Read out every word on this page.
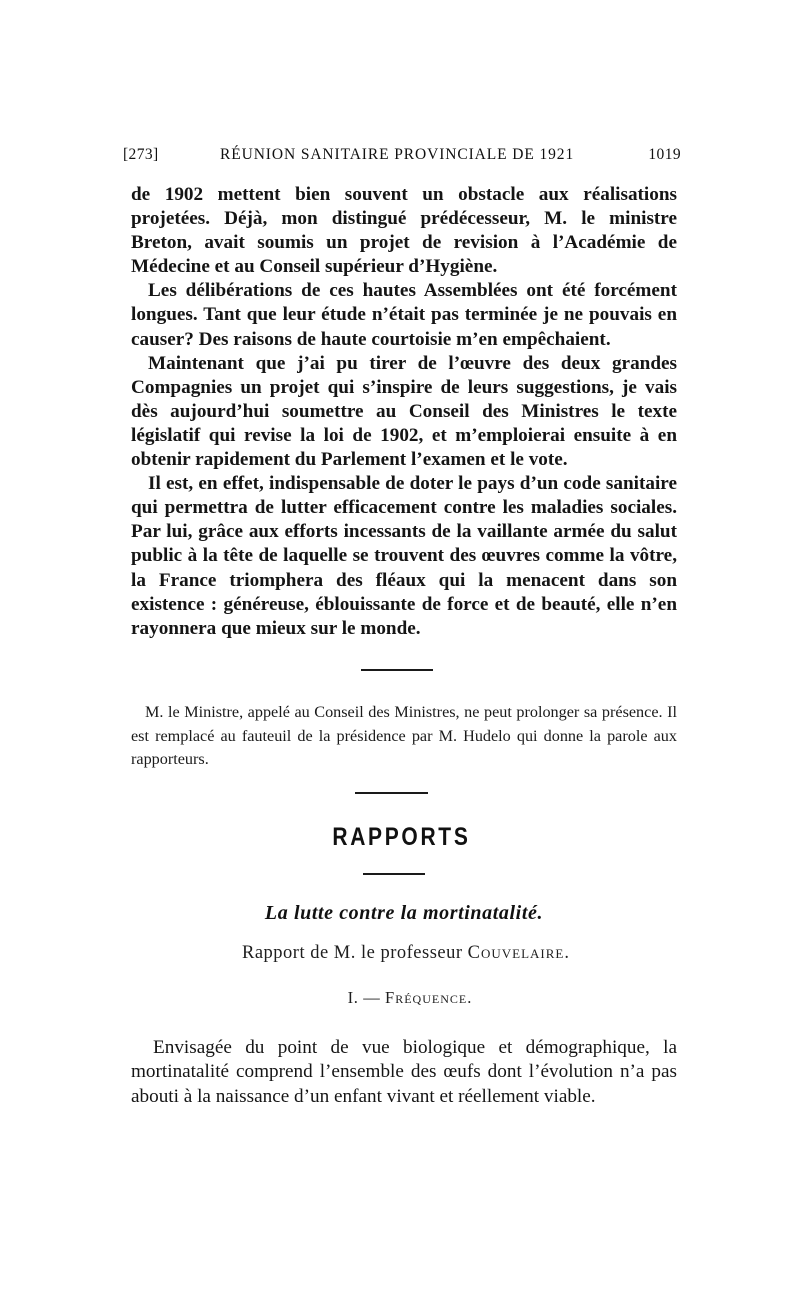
[273]	RÉUNION SANITAIRE PROVINCIALE DE 1921	1019

de 1902 mettent bien souvent un obstacle aux réalisations projetées. Déjà, mon distingué prédécesseur, M. le ministre Breton, avait soumis un projet de revision à l’Académie de Médecine et au Conseil supérieur d’Hygiène.

Les délibérations de ces hautes Assemblées ont été forcément longues. Tant que leur étude n’était pas terminée je ne pouvais en causer? Des raisons de haute courtoisie m’en empêchaient.

Maintenant que j’ai pu tirer de l’œuvre des deux grandes Compagnies un projet qui s’inspire de leurs suggestions, je vais dès aujourd’hui soumettre au Conseil des Ministres le texte législatif qui revise la loi de 1902, et m’emploierai ensuite à en obtenir rapidement du Parlement l’examen et le vote.

Il est, en effet, indispensable de doter le pays d’un code sanitaire qui permettra de lutter efficacement contre les maladies sociales. Par lui, grâce aux efforts incessants de la vaillante armée du salut public à la tête de laquelle se trouvent des œuvres comme la vôtre, la France triomphera des fléaux qui la menacent dans son existence : généreuse, éblouissante de force et de beauté, elle n’en rayonnera que mieux sur le monde.

M. le Ministre, appelé au Conseil des Ministres, ne peut prolonger sa présence. Il est remplacé au fauteuil de la présidence par M. Hudelo qui donne la parole aux rapporteurs.

RAPPORTS
La lutte contre la mortinatalité.
Rapport de M. le professeur Couvelaire.
I. — Fréquence.

Envisagée du point de vue biologique et démographique, la mortinatalité comprend l’ensemble des œufs dont l’évolution n’a pas abouti à la naissance d’un enfant vivant et réellement viable.
